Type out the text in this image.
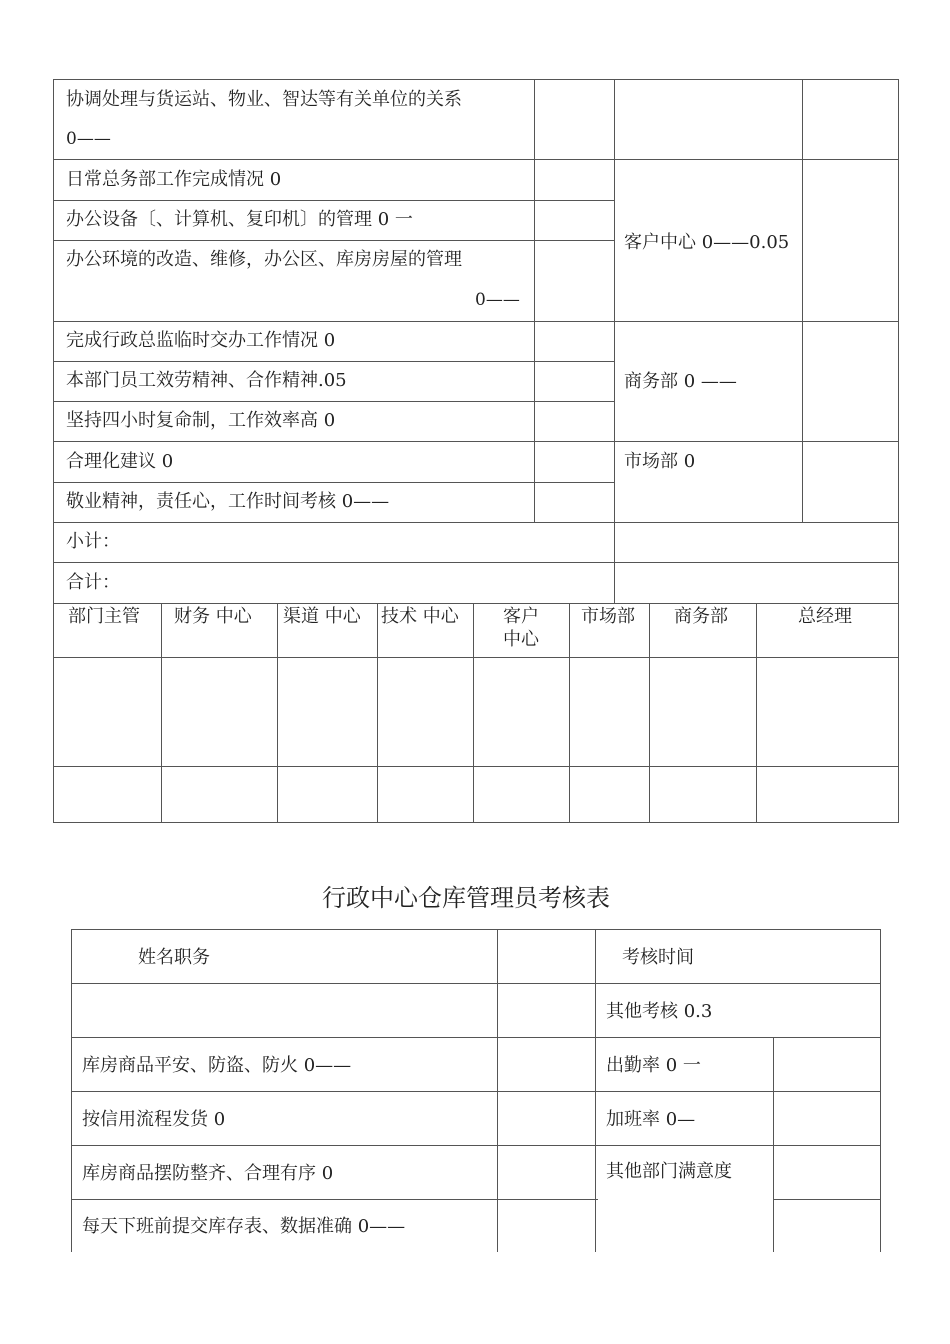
协调处理与货运站、物业、智达等有关单位的关系
0——
日常总务部工作完成情况 0
办公设备〔、计算机、复印机〕的管理 0 一
办公环境的改造、维修，办公区、库房房屋的管理
0——
完成行政总监临时交办工作情况 0
本部门员工效劳精神、合作精神.05
坚持四小时复命制，工作效率高 0
合理化建议 0
敬业精神，责任心，工作时间考核 0——
小计：
合计：
客户中心 0——0.05
商务部 0 ——
市场部 0
部门主管 财务 中心 渠道 中心 技术 中心 客户
中心
市场部 商务部	总经理
行政中心仓库管理员考核表
姓名职务	考核时间
其他考核 0.3
库房商品平安、防盗、防火 0——
按信用流程发货 0
库房商品摆防整齐、合理有序 0
每天下班前提交库存表、数据准确 0——
出勤率 0 一
加班率 0—
其他部门满意度
